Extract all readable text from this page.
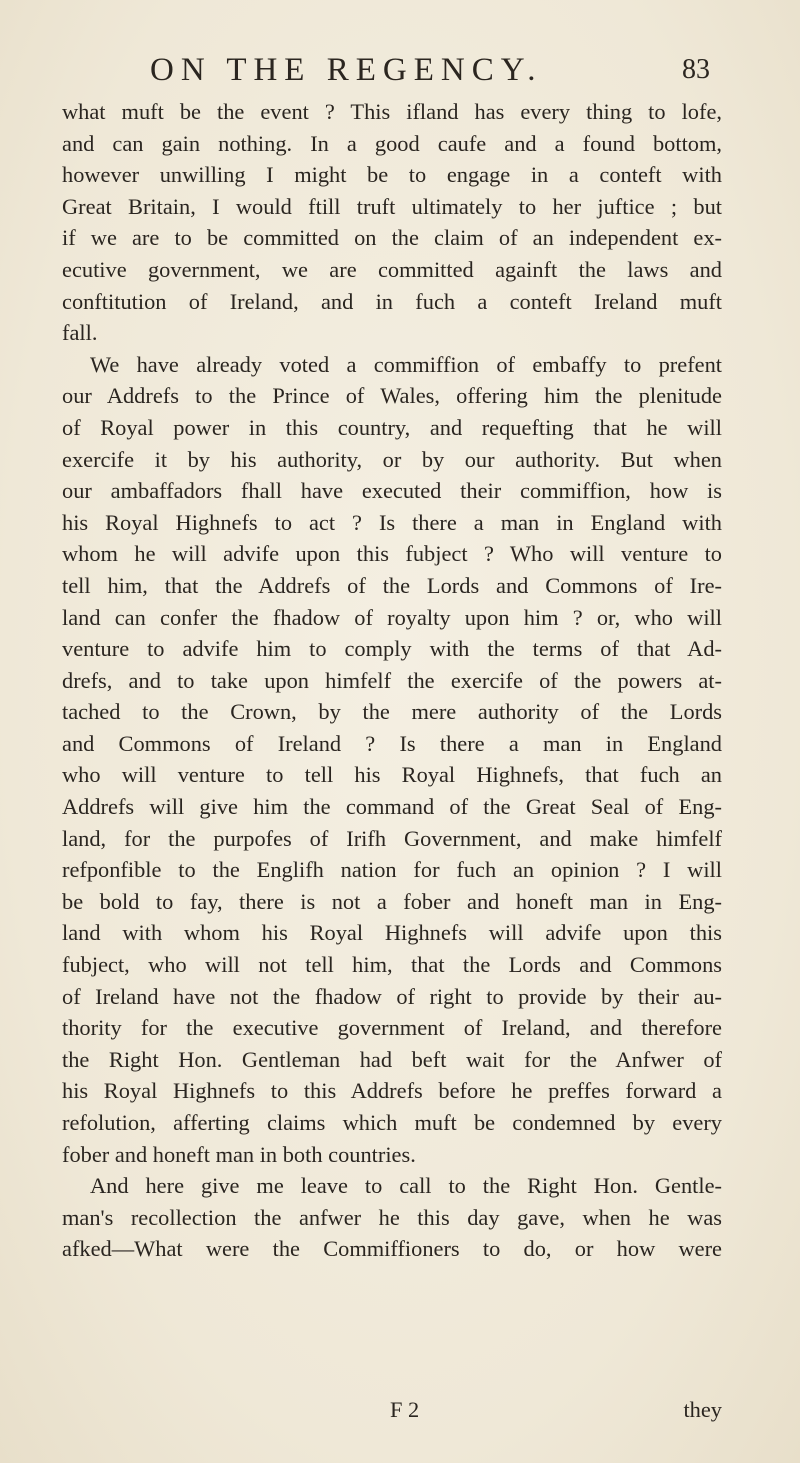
ON THE REGENCY.	83
what muft be the event ? This ifland has every thing to lofe,
and can gain nothing. In a good caufe and a found bottom,
however unwilling I might be to engage in a conteft with
Great Britain, I would ftill truft ultimately to her juftice ; but
if we are to be committed on the claim of an independent ex-
ecutive government, we are committed againft the laws and
conftitution of Ireland, and in fuch a conteft Ireland muft
fall.
We have already voted a commiffion of embaffy to prefent
our Addrefs to the Prince of Wales, offering him the plenitude
of Royal power in this country, and requefting that he will
exercife it by his authority, or by our authority. But when
our ambaffadors fhall have executed their commiffion, how is
his Royal Highnefs to act ? Is there a man in England with
whom he will advife upon this fubject ? Who will venture to
tell him, that the Addrefs of the Lords and Commons of Ire-
land can confer the fhadow of royalty upon him ? or, who will
venture to advife him to comply with the terms of that Ad-
drefs, and to take upon himfelf the exercife of the powers at-
tached to the Crown, by the mere authority of the Lords
and Commons of Ireland ? Is there a man in England
who will venture to tell his Royal Highnefs, that fuch an
Addrefs will give him the command of the Great Seal of Eng-
land, for the purpofes of Irifh Government, and make himfelf
refponfible to the Englifh nation for fuch an opinion ? I will
be bold to fay, there is not a fober and honeft man in Eng-
land with whom his Royal Highnefs will advife upon this
fubject, who will not tell him, that the Lords and Commons
of Ireland have not the fhadow of right to provide by their au-
thority for the executive government of Ireland, and therefore
the Right Hon. Gentleman had beft wait for the Anfwer of
his Royal Highnefs to this Addrefs before he preffes forward a
refolution, afferting claims which muft be condemned by every
fober and honeft man in both countries.
And here give me leave to call to the Right Hon. Gentle-
man's recollection the anfwer he this day gave, when he was
afked—What were the Commiffioners to do, or how were
F 2	they
